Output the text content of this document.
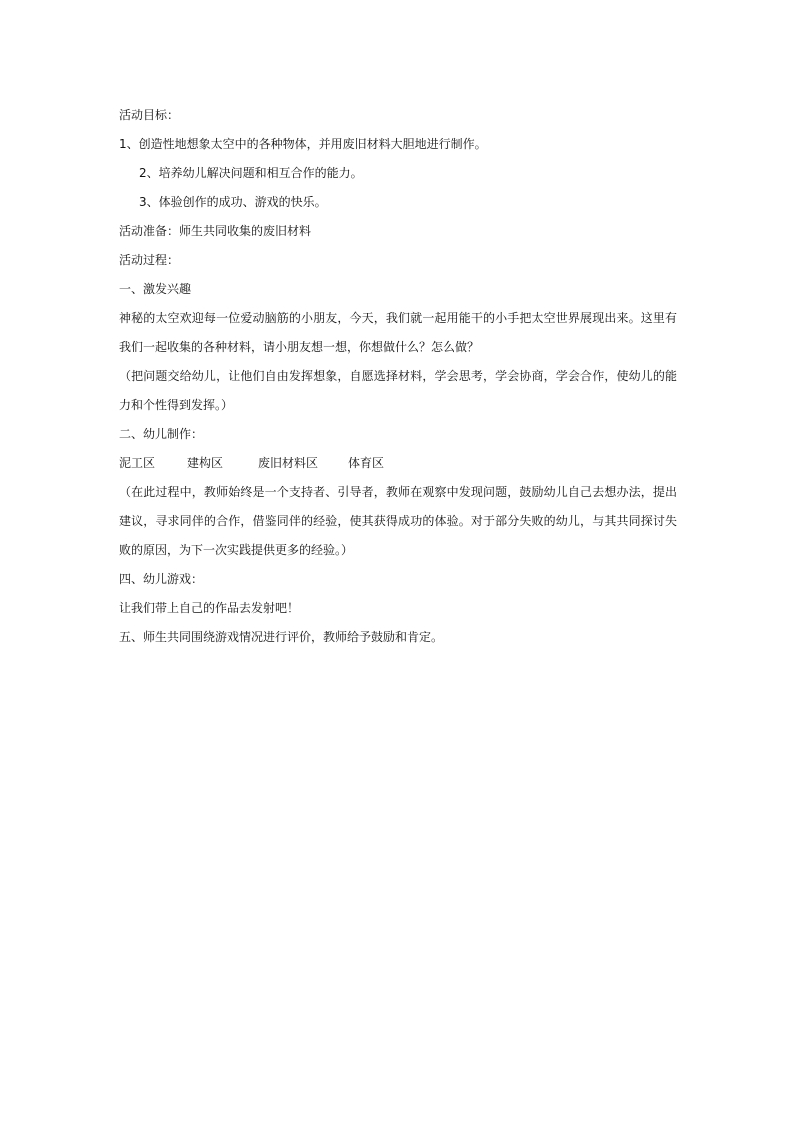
活动目标：
1、创造性地想象太空中的各种物体，并用废旧材料大胆地进行制作。
2、培养幼儿解决问题和相互合作的能力。
3、体验创作的成功、游戏的快乐。
活动准备：师生共同收集的废旧材料
活动过程：
一、激发兴趣
神秘的太空欢迎每一位爱动脑筋的小朋友，今天，我们就一起用能干的小手把太空世界展现出来。这里有我们一起收集的各种材料，请小朋友想一想，你想做什么？怎么做？
（把问题交给幼儿，让他们自由发挥想象，自愿选择材料，学会思考，学会协商，学会合作，使幼儿的能力和个性得到发挥。）
二、幼儿制作：
泥工区	建构区	废旧材料区	体育区
（在此过程中，教师始终是一个支持者、引导者，教师在观察中发现问题，鼓励幼儿自己去想办法，提出建议，寻求同伴的合作，借鉴同伴的经验，使其获得成功的体验。对于部分失败的幼儿，与其共同探讨失败的原因，为下一次实践提供更多的经验。）
四、幼儿游戏：
让我们带上自己的作品去发射吧！
五、师生共同围绕游戏情况进行评价，教师给予鼓励和肯定。
